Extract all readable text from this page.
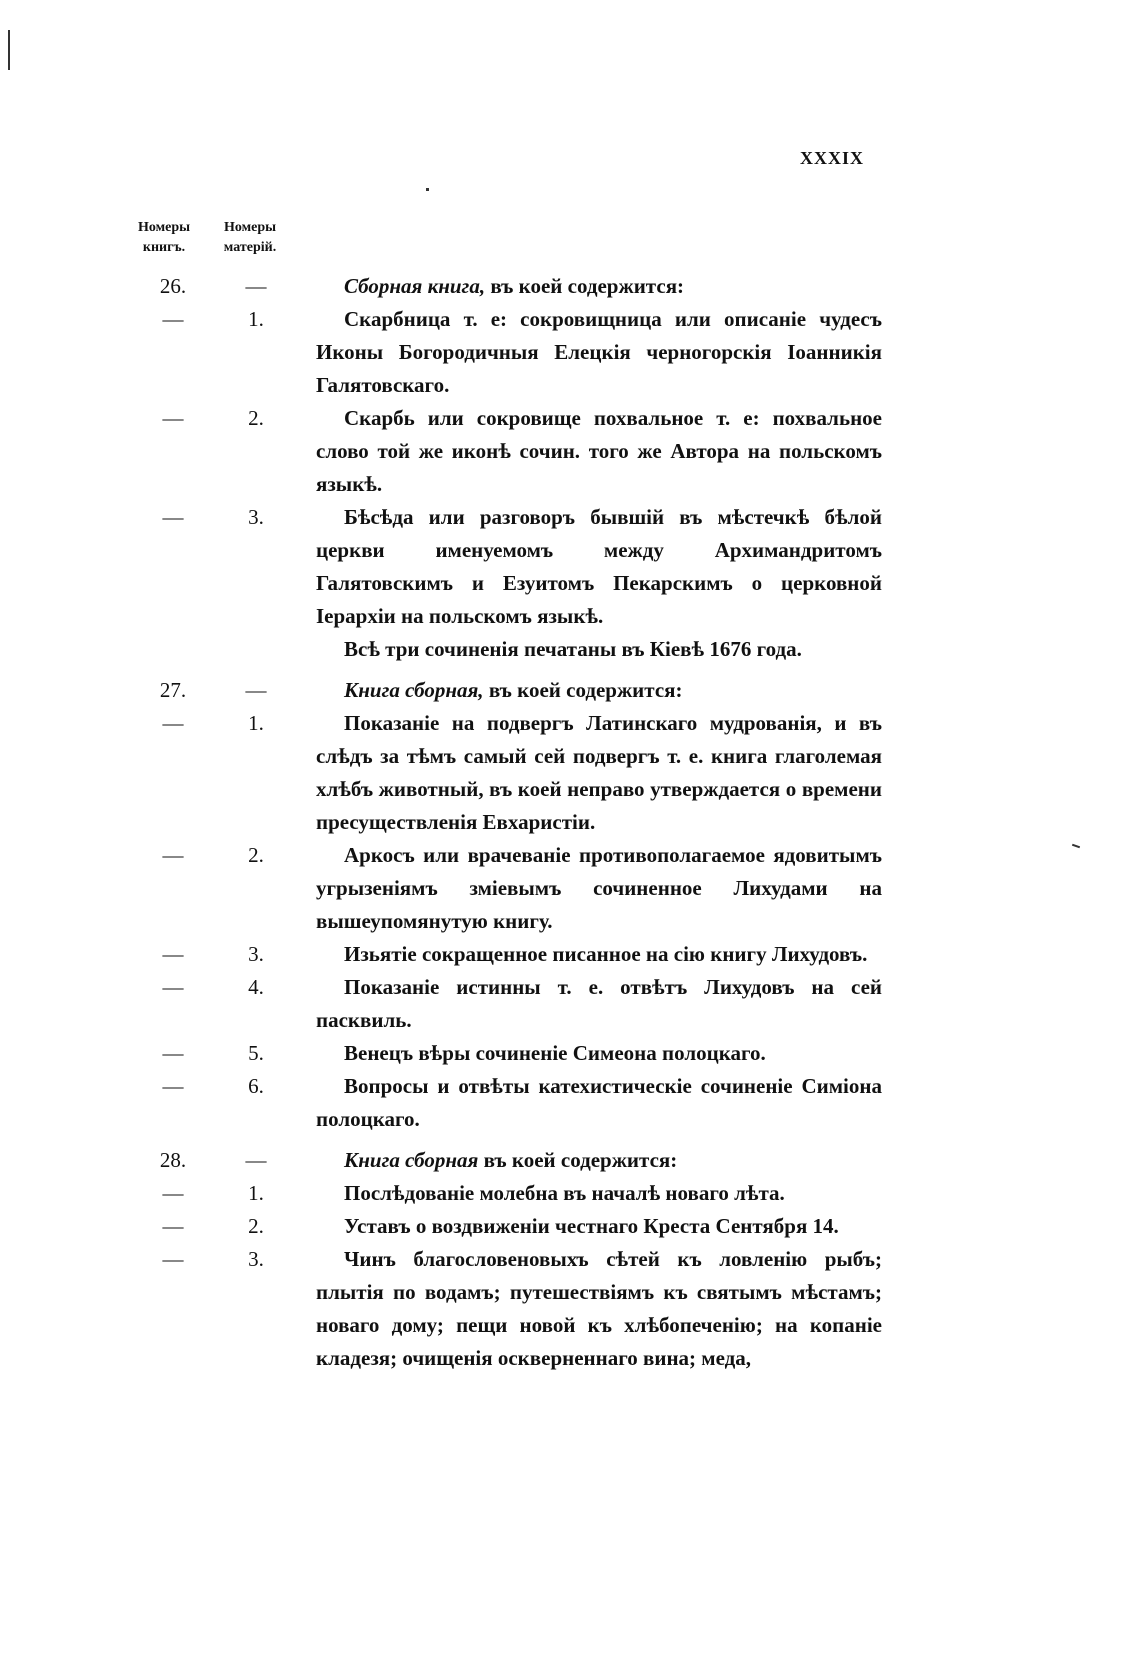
XXXIX
Номеры книгъ.
Номеры матерій.
26.	—	Сборная книга, въ коей содержится:
—	1.	Скарбница т. е: сокровищница или описаніе чудесъ Иконы Богородичныя Елецкія черногорскія Іоанникія Галятовскаго.
—	2.	Скарбь или сокровище похвальное т. е: похвальное слово той же иконѣ сочин. того же Автора на польскомъ языкѣ.
—	3.	Бѣсѣда или разговоръ бывшій въ мѣстечкѣ бѣлой церкви именуемомъ между Архимандритомъ Галятовскимъ и Езуитомъ Пекарскимъ о церковной Іерархіи на польскомъ языкѣ.
Всѣ три сочиненія печатаны въ Кіевѣ 1676 года.
27.	—	Книга сборная, въ коей содержится:
—	1.	Показаніе на подвергъ Латинскаго мудрованія, и въ слѣдъ за тѣмъ самый сей подвергъ т. е. книга глаголемая хлѣбъ животный, въ коей неправо утверждается о времени пресуществленія Евхаристіи.
—	2.	Аркосъ или врачеваніе противополагаемое ядовитымъ угрызеніямъ зміевымъ сочиненное Лихудами на вышеупомянутую книгу.
—	3.	Изьятіе сокращенное писанное на сію книгу Лихудовъ.
—	4.	Показаніе истинны т. е. отвѣтъ Лихудовъ на сей пасквиль.
—	5.	Венецъ вѣры сочиненіе Симеона полоцкаго.
—	6.	Вопросы и отвѣты катехистическіе сочиненіе Симіона полоцкаго.
28.	—	Книга сборная въ коей содержится:
—	1.	Послѣдованіе молебна въ началѣ новаго лѣта.
—	2.	Уставъ о воздвиженіи честнаго Креста Сентября 14.
—	3.	Чинъ благословеновыхъ сѣтей къ ловленію рыбъ; плытія по водамъ; путешествіямъ къ святымъ мѣстамъ; новаго дому; пещи новой къ хлѣбопеченію; на копаніе кладезя; очищенія оскверненнаго вина; меда,
